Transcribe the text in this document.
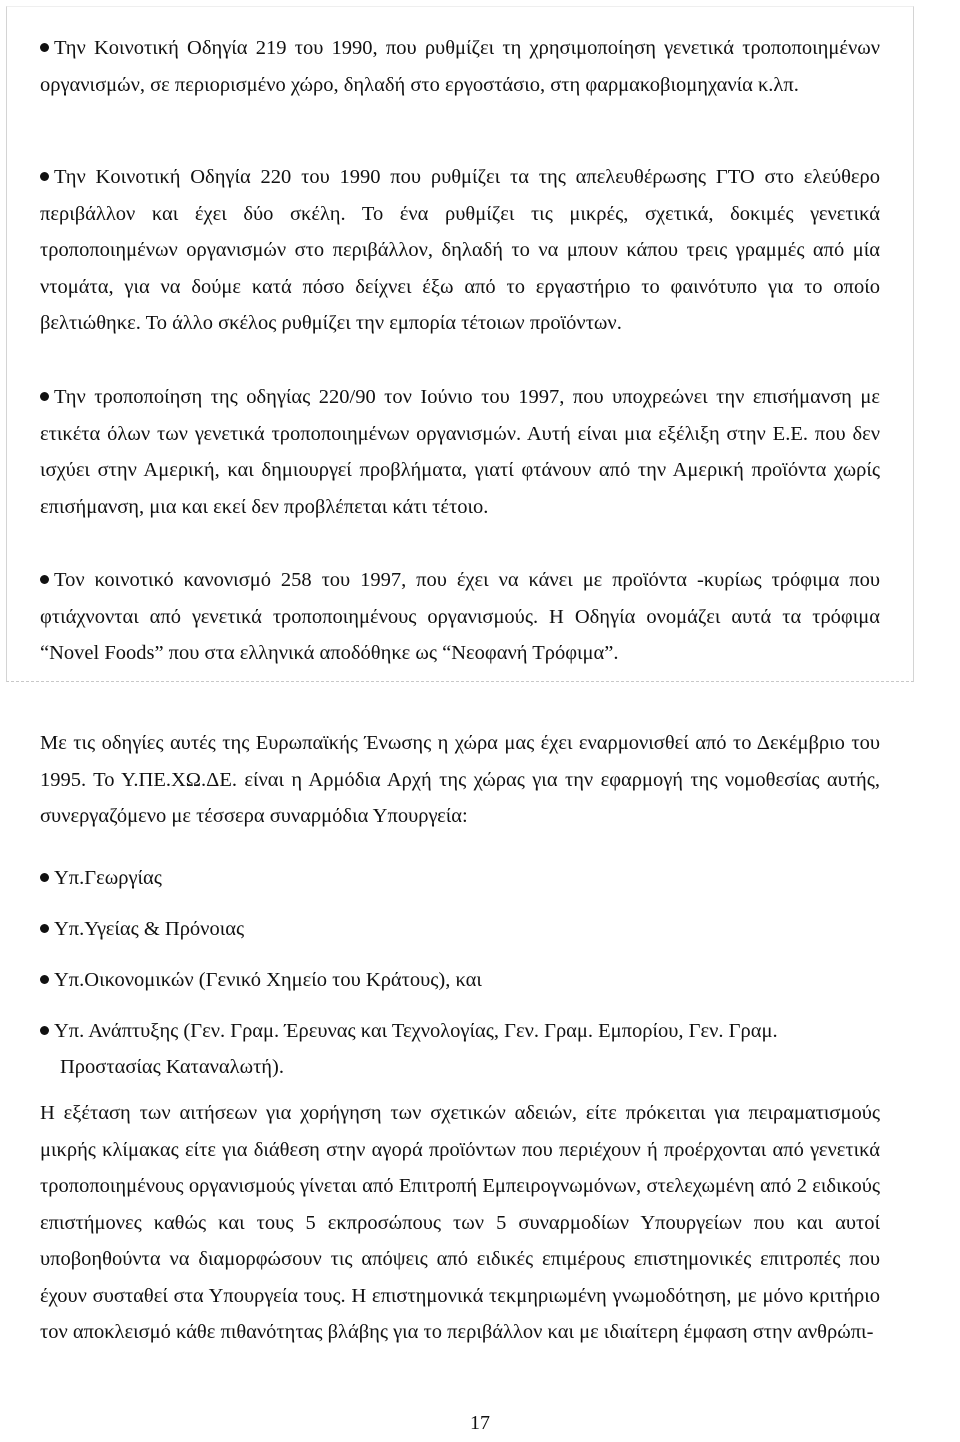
Την Κοινοτική Οδηγία 219 του 1990, που ρυθμίζει τη χρησιμοποίηση γενετικά τροποποιημένων οργανισμών, σε περιορισμένο χώρο, δηλαδή στο εργοστάσιο, στη φαρμακοβιομηχανία κ.λπ.

Την Κοινοτική Οδηγία 220 του 1990 που ρυθμίζει τα της απελευθέρωσης ΓΤΟ στο ελεύθερο περιβάλλον και έχει δύο σκέλη. Το ένα ρυθμίζει τις μικρές, σχετικά, δοκιμές γενετικά τροποποιημένων οργανισμών στο περιβάλλον, δηλαδή το να μπουν κάπου τρεις γραμμές από μία ντομάτα, για να δούμε κατά πόσο δείχνει έξω από το εργαστήριο το φαινότυπο για το οποίο βελτιώθηκε. Το άλλο σκέλος ρυθμίζει την εμπορία τέτοιων προϊόντων.

Την τροποποίηση της οδηγίας 220/90 τον Ιούνιο του 1997, που υποχρεώνει την επισήμανση με ετικέτα όλων των γενετικά τροποποιημένων οργανισμών. Αυτή είναι μια εξέλιξη στην Ε.Ε. που δεν ισχύει στην Αμερική, και δημιουργεί προβλήματα, γιατί φτάνουν από την Αμερική προϊόντα χωρίς επισήμανση, μια και εκεί δεν προβλέπεται κάτι τέτοιο.

Τον κοινοτικό κανονισμό 258 του 1997, που έχει να κάνει με προϊόντα -κυρίως τρόφιμα που φτιάχνονται από γενετικά τροποποιημένους οργανισμούς. Η Οδηγία ονομάζει αυτά τα τρόφιμα “Novel Foods” που στα ελληνικά αποδόθηκε ως “Νεοφανή Τρόφιμα”.

Με τις οδηγίες αυτές της Ευρωπαϊκής Ένωσης η χώρα μας έχει εναρμονισθεί από το Δεκέμβριο του 1995. Το Υ.ΠΕ.ΧΩ.ΔΕ. είναι η Αρμόδια Αρχή της χώρας για την εφαρμογή της νομοθεσίας αυτής, συνεργαζόμενο με τέσσερα συναρμόδια Υπουργεία:

Υπ.Γεωργίας

Υπ.Υγείας & Πρόνοιας

Υπ.Οικονομικών (Γενικό Χημείο του Κράτους), και

Υπ. Ανάπτυξης (Γεν. Γραμ. Έρευνας και Τεχνολογίας, Γεν. Γραμ. Εμπορίου, Γεν. Γραμ.
Προστασίας Καταναλωτή).

Η εξέταση των αιτήσεων για χορήγηση των σχετικών αδειών, είτε πρόκειται για πειραματισμούς μικρής κλίμακας είτε για διάθεση στην αγορά προϊόντων που περιέχουν ή προέρχονται από γενετικά τροποποιημένους οργανισμούς γίνεται από Επιτροπή Εμπειρογνωμόνων, στελεχωμένη από 2 ειδικούς επιστήμονες καθώς και τους 5 εκπροσώπους των 5 συναρμοδίων Υπουργείων που και αυτοί υποβοηθούντα να διαμορφώσουν τις απόψεις από ειδικές επιμέρους επιστημονικές επιτροπές που έχουν συσταθεί στα Υπουργεία τους. Η επιστημονικά τεκμηριωμένη γνωμοδότηση, με μόνο κριτήριο τον αποκλεισμό κάθε πιθανότητας βλάβης για το περιβάλλον και με ιδιαίτερη έμφαση στην ανθρώπι-

17
